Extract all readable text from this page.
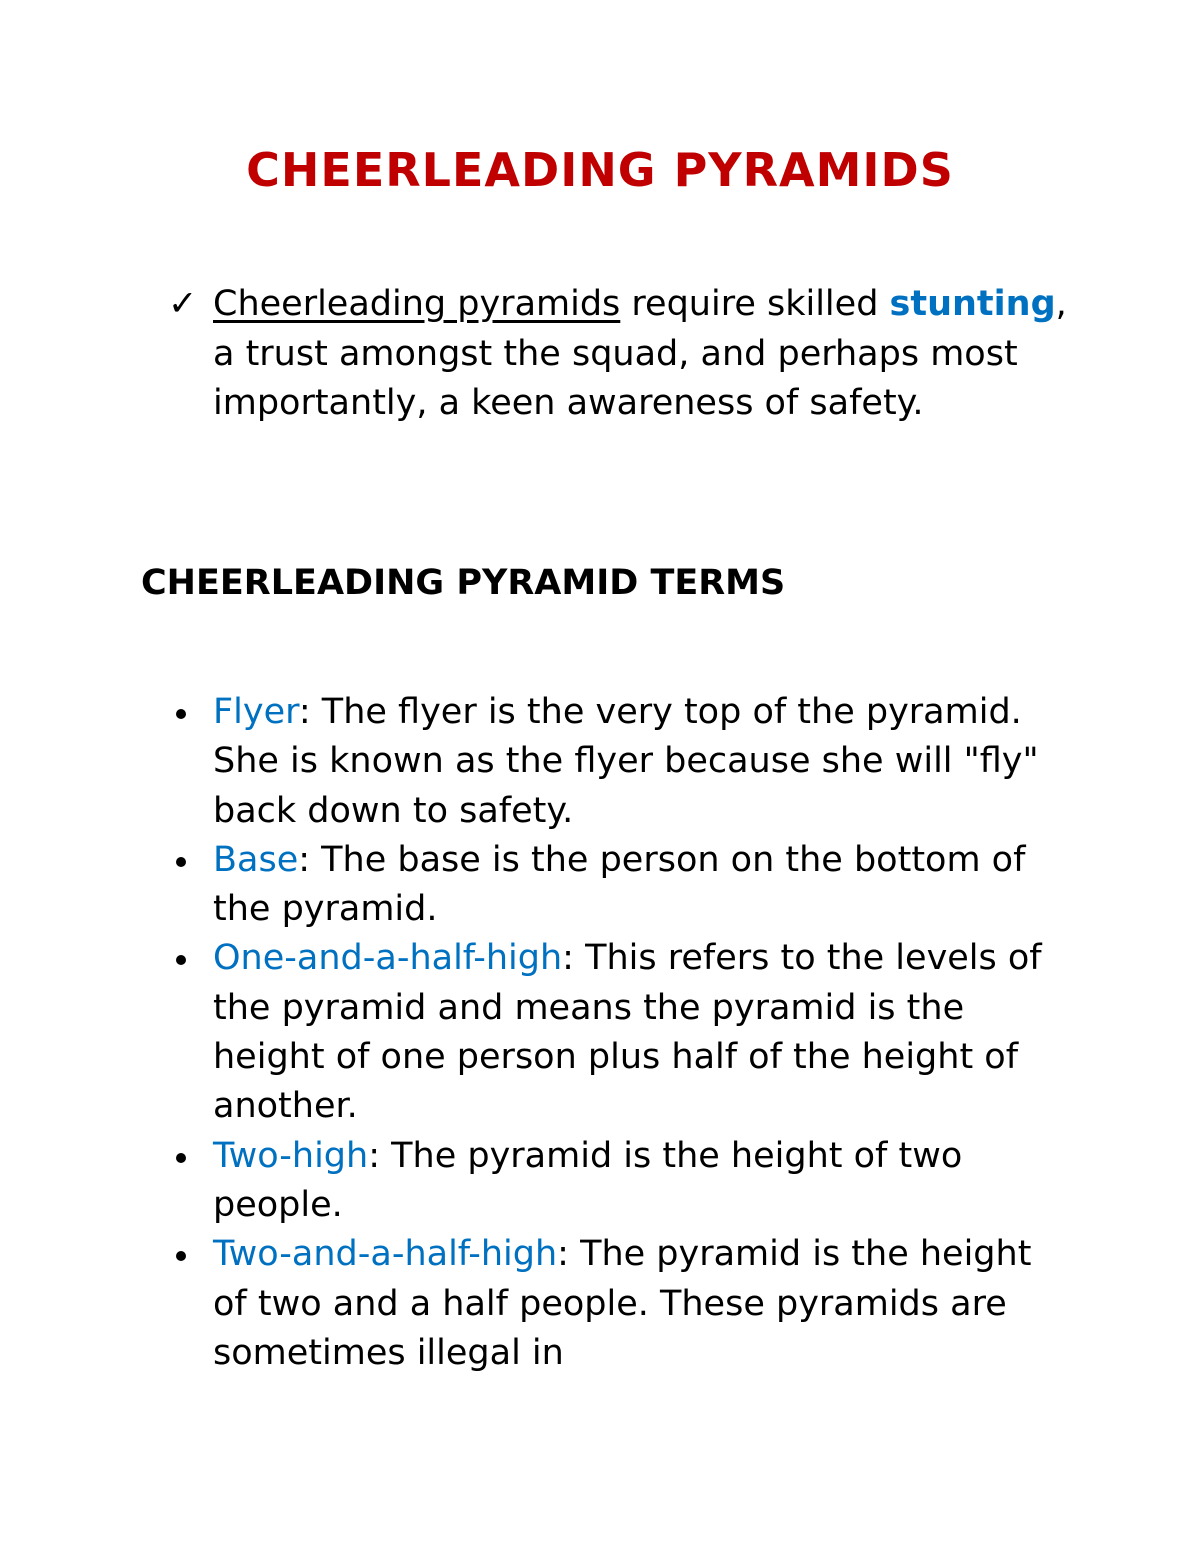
CHEERLEADING PYRAMIDS
✓ Cheerleading pyramids require skilled stunting, a trust amongst the squad, and perhaps most importantly, a keen awareness of safety.
CHEERLEADING PYRAMID TERMS
Flyer: The flyer is the very top of the pyramid. She is known as the flyer because she will "fly" back down to safety.
Base: The base is the person on the bottom of the pyramid.
One-and-a-half-high: This refers to the levels of the pyramid and means the pyramid is the height of one person plus half of the height of another.
Two-high: The pyramid is the height of two people.
Two-and-a-half-high: The pyramid is the height of two and a half people. These pyramids are sometimes illegal in
